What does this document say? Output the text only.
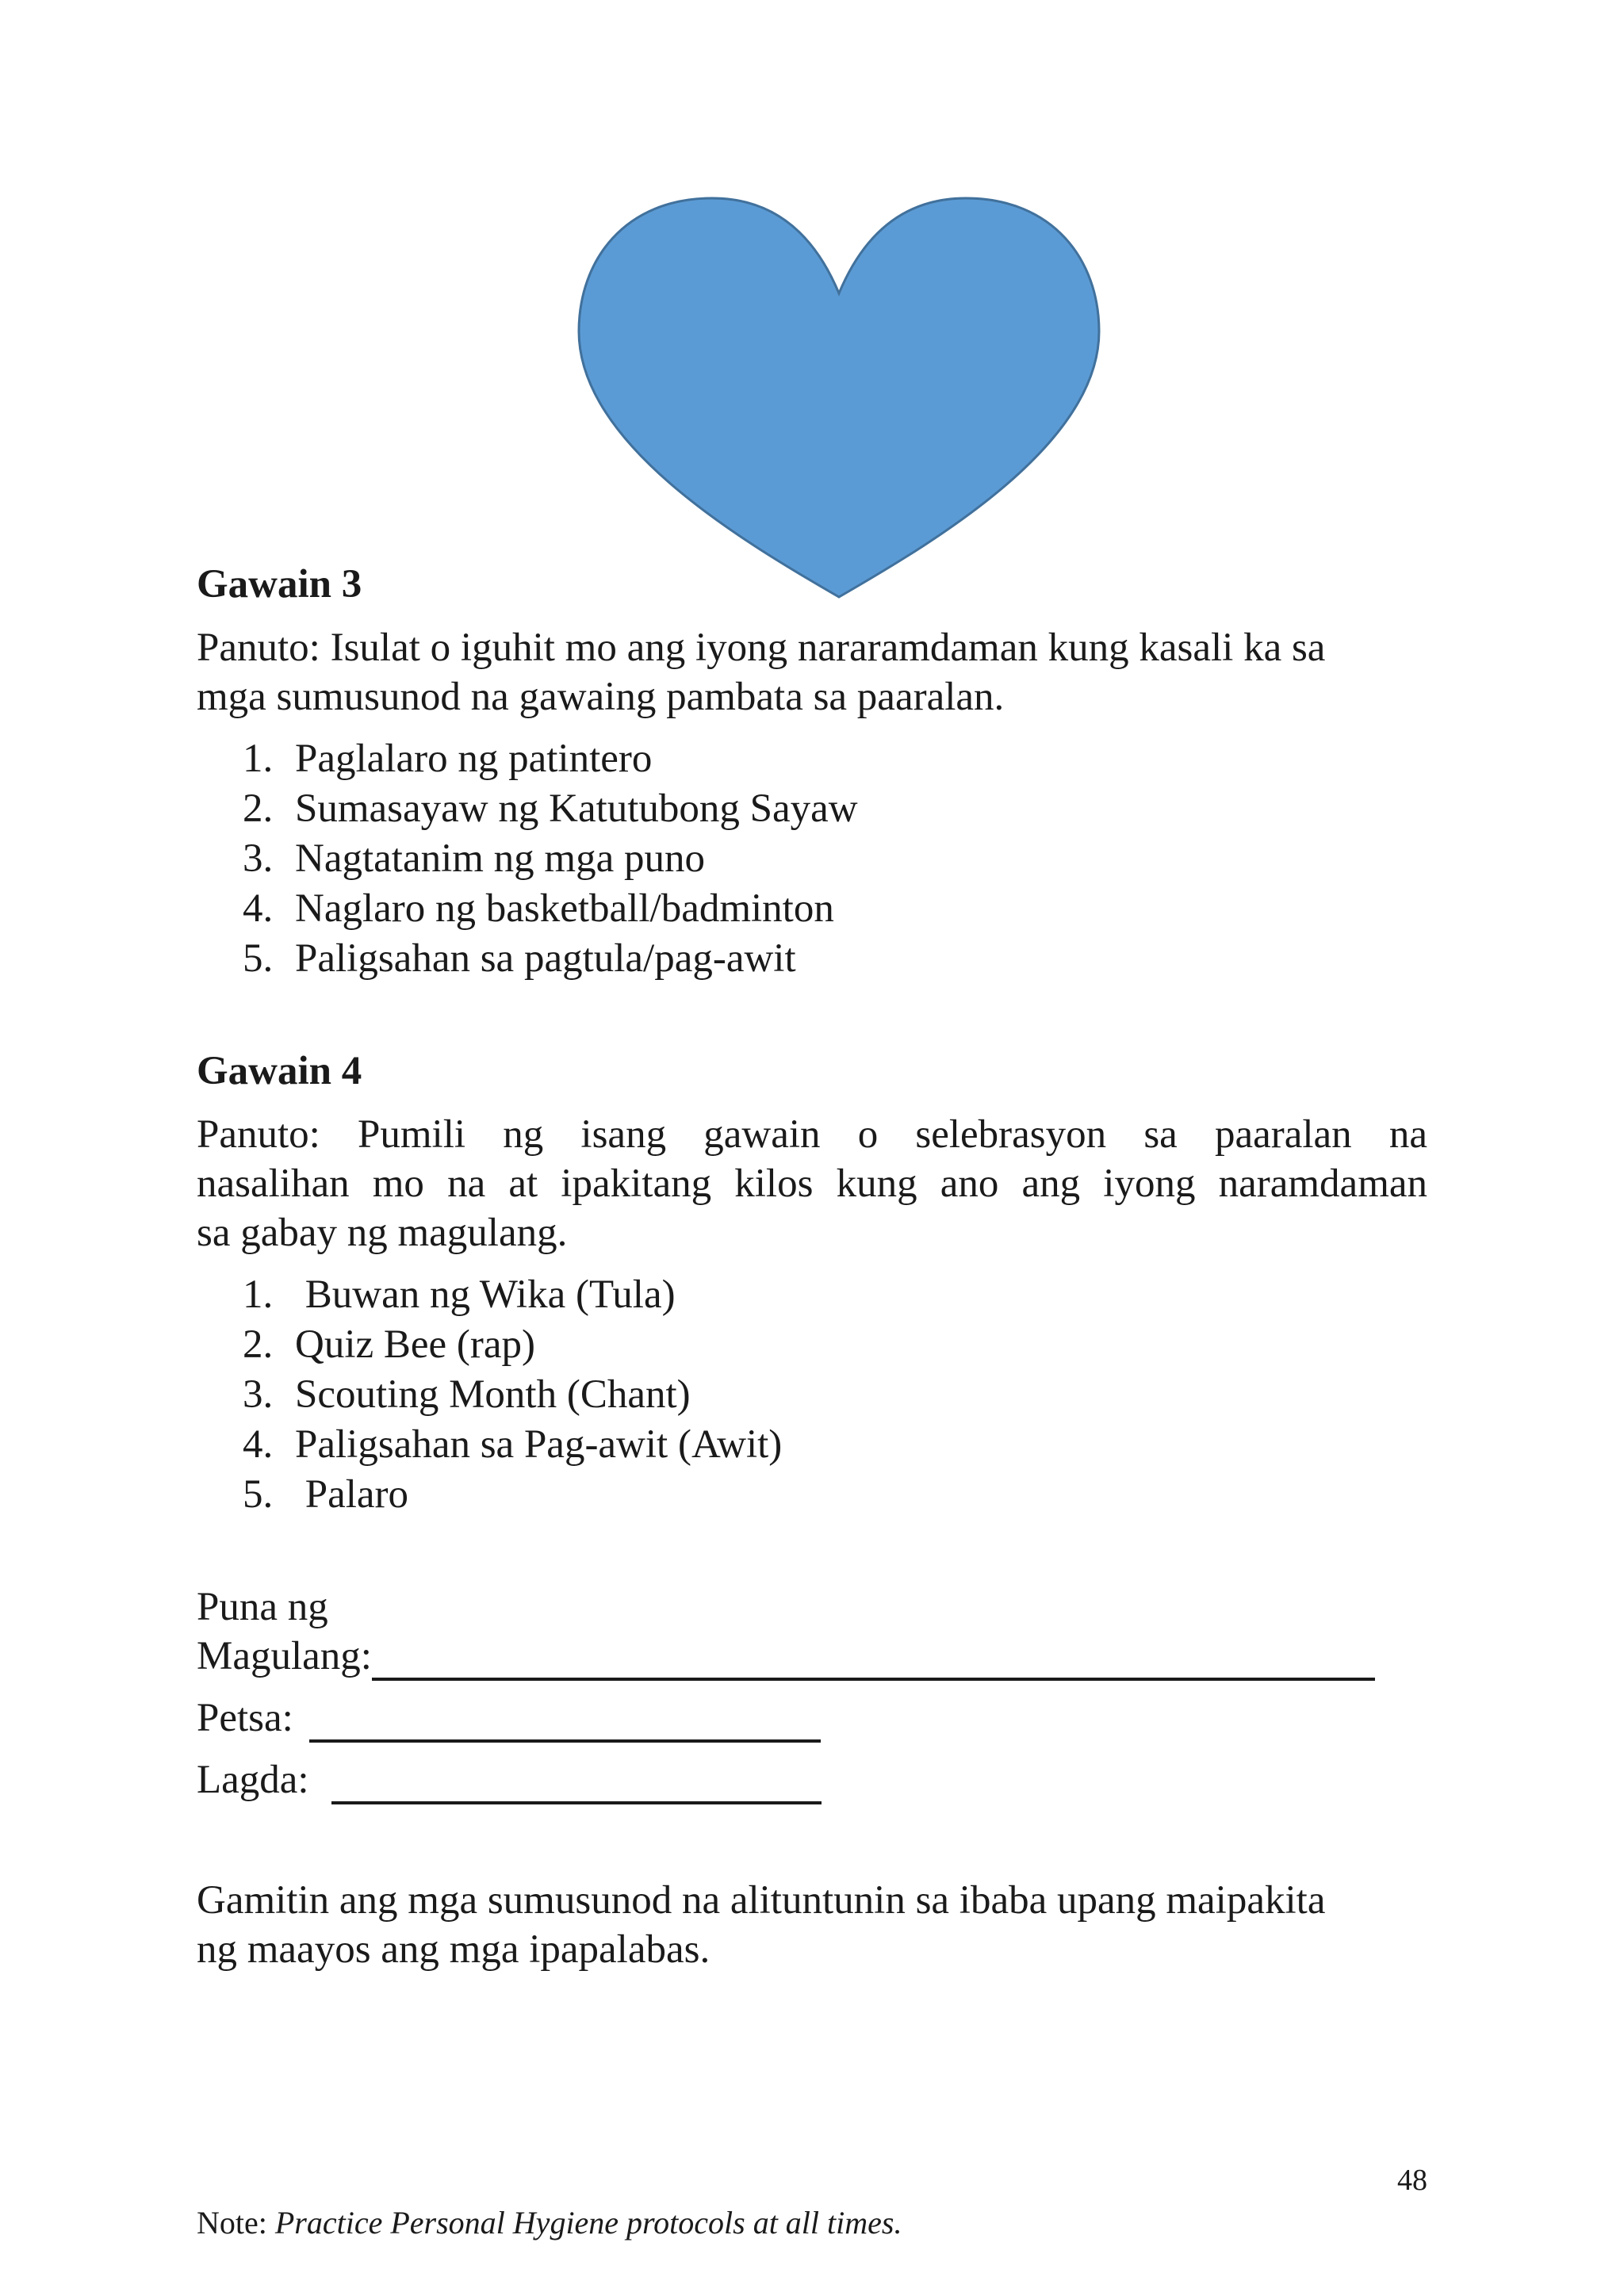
Gawain 3
Panuto: Isulat o iguhit mo ang iyong nararamdaman kung kasali ka sa
mga sumusunod na gawaing pambata sa paaralan.
1. Paglalaro ng patintero
2. Sumasayaw ng Katutubong Sayaw
3. Nagtatanim ng mga puno
4. Naglaro ng basketball/badminton
5. Paligsahan sa pagtula/pag-awit
Gawain 4
Panuto: Pumili ng isang gawain o selebrasyon sa paaralan na
nasalihan mo na at ipakitang kilos kung ano ang iyong naramdaman
sa gabay ng magulang.
1. Buwan ng Wika (Tula)
2. Quiz Bee (rap)
3. Scouting Month (Chant)
4. Paligsahan sa Pag-awit (Awit)
5. Palaro
Puna ng
Magulang:
Petsa:
Lagda:
Gamitin ang mga sumusunod na alituntunin sa ibaba upang maipakita
ng maayos ang mga ipapalabas.
48
Note: Practice Personal Hygiene protocols at all times.
